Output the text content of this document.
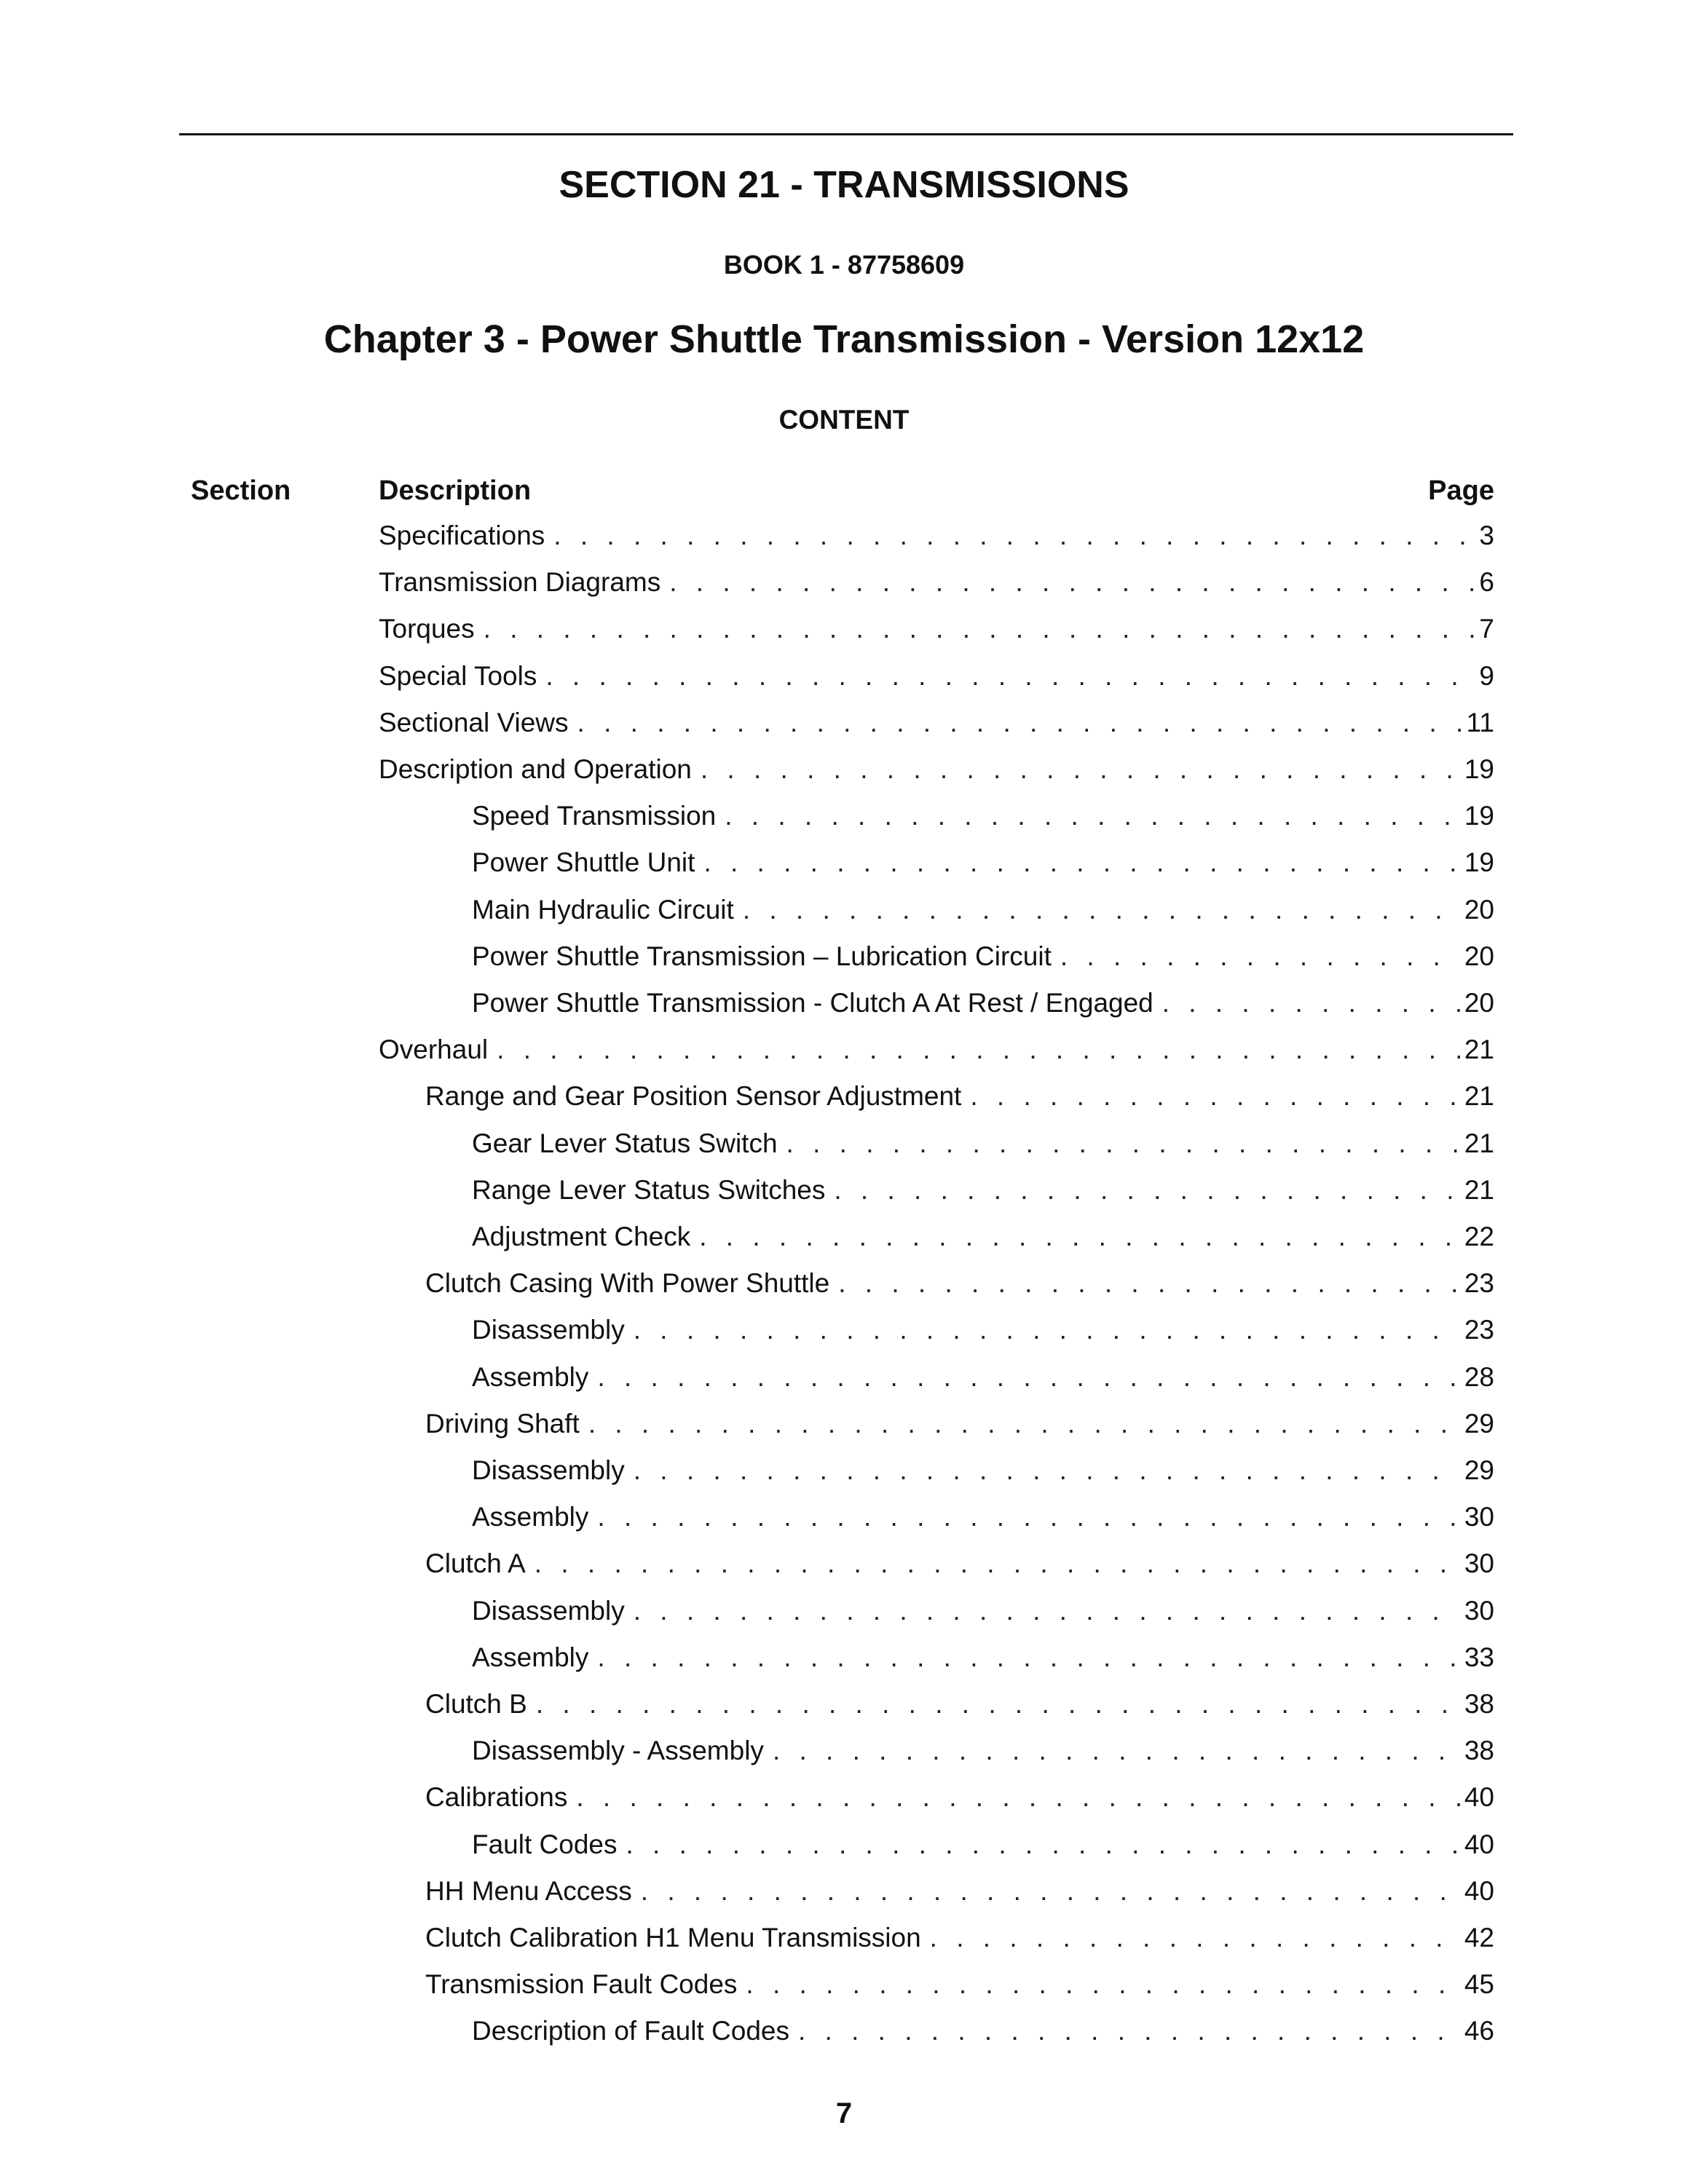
SECTION 21 - TRANSMISSIONS
BOOK 1 - 87758609
Chapter 3 - Power Shuttle Transmission - Version 12x12
CONTENT
Section	Description	Page
Specifications . . .	3
Transmission Diagrams . . .	6
Torques . . .	7
Special Tools . . .	9
Sectional Views . . .	11
Description and Operation . . .	19
Speed Transmission . . .	19
Power Shuttle Unit . . .	19
Main Hydraulic Circuit . . .	20
Power Shuttle Transmission – Lubrication Circuit . . .	20
Power Shuttle Transmission - Clutch A At Rest / Engaged . . .	20
Overhaul . . .	21
Range and Gear Position Sensor Adjustment . . .	21
Gear Lever Status Switch . . .	21
Range Lever Status Switches . . .	21
Adjustment Check . . .	22
Clutch Casing With Power Shuttle . . .	23
Disassembly . . .	23
Assembly . . .	28
Driving Shaft . . .	29
Disassembly . . .	29
Assembly . . .	30
Clutch A . . .	30
Disassembly . . .	30
Assembly . . .	33
Clutch B . . .	38
Disassembly - Assembly . . .	38
Calibrations . . .	40
Fault Codes . . .	40
HH Menu Access . . .	40
Clutch Calibration H1 Menu Transmission . . .	42
Transmission Fault Codes . . .	45
Description of Fault Codes . . .	46
7
